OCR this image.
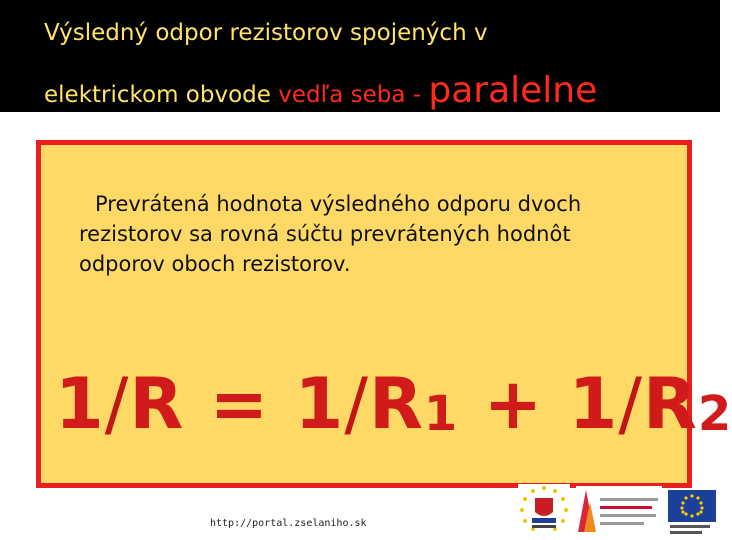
Výsledný odpor rezistorov spojených v
elektrickom obvode vedľa seba - paralelne
Prevrátená hodnota výsledného odporu dvoch rezistorov sa rovná súčtu prevrátených hodnôt odporov oboch rezistorov.
$1/R = 1/R_1 + 1/R_2$
http://portal.zselaniho.sk
